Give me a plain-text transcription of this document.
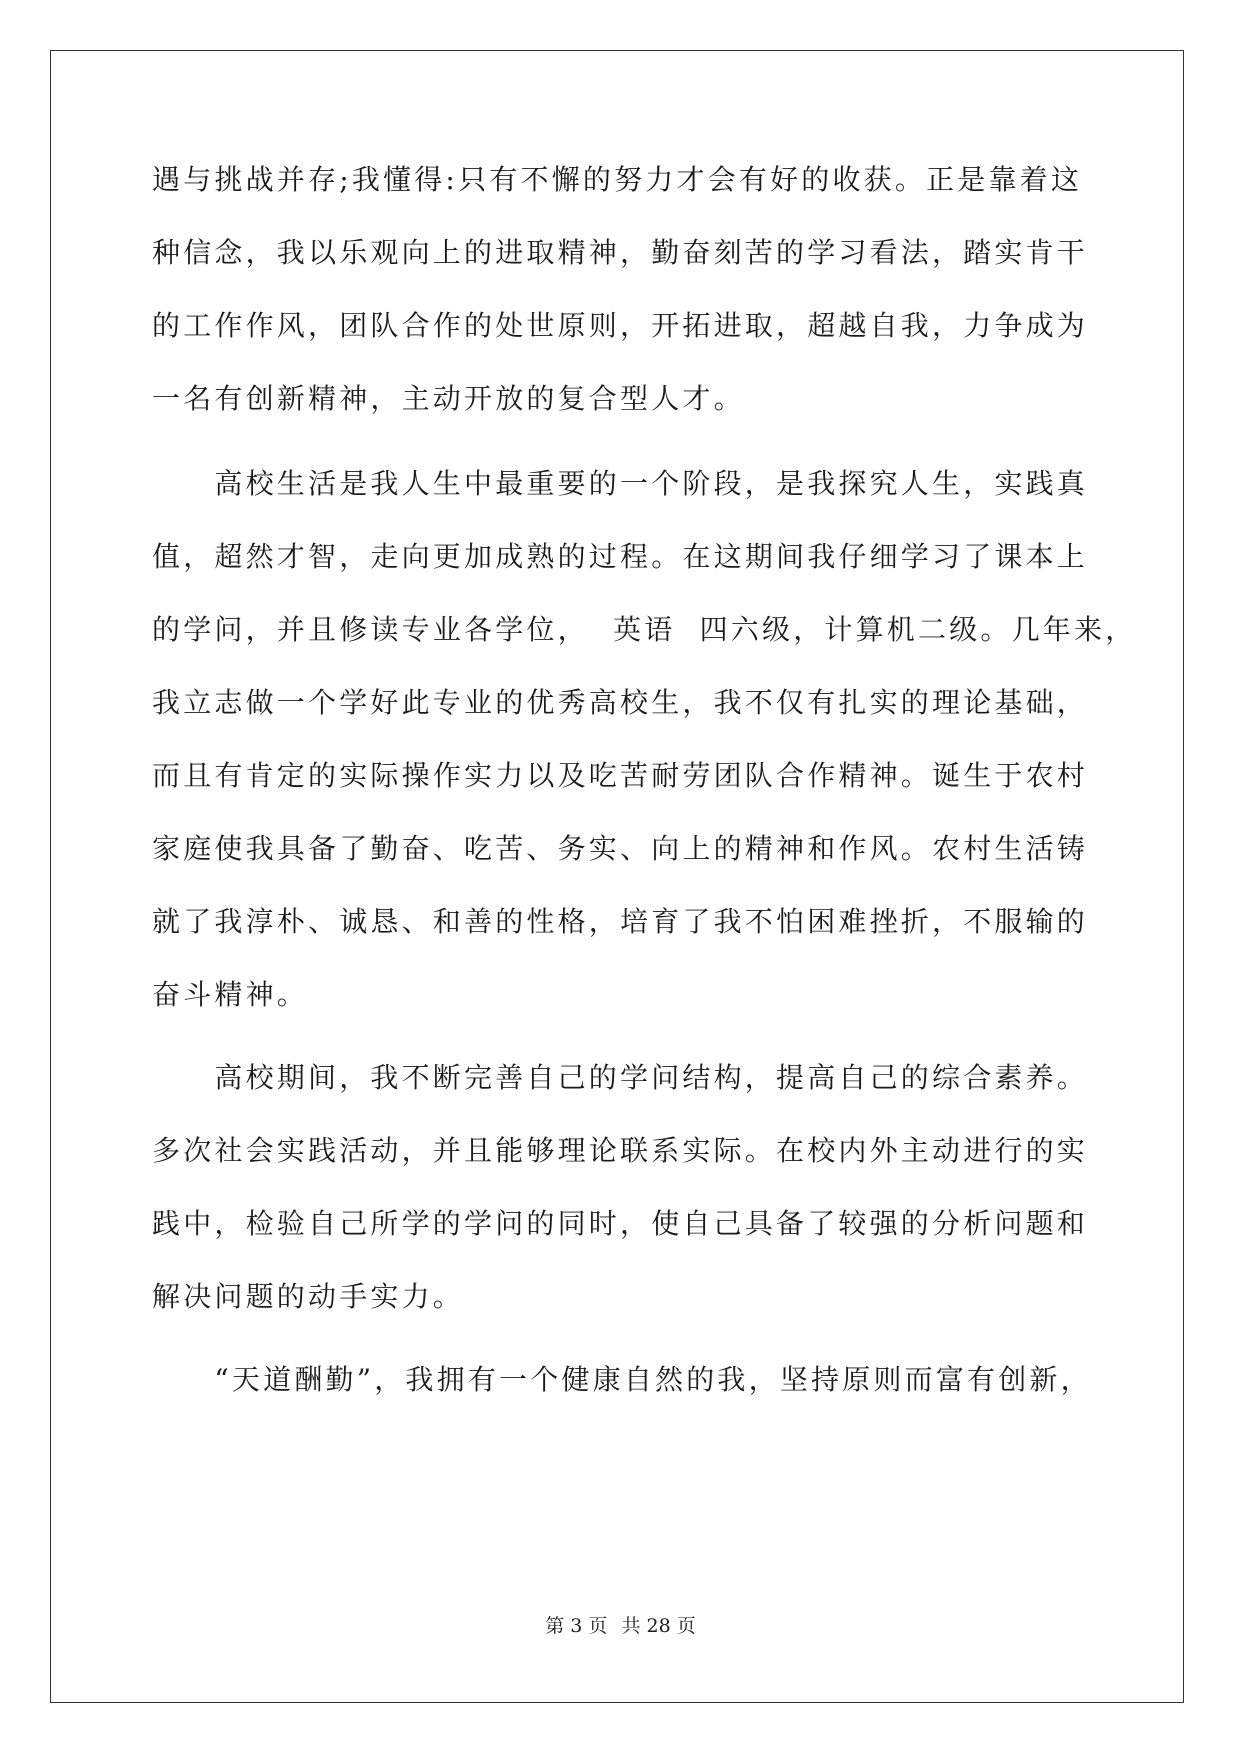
遇与挑战并存;我懂得:只有不懈的努力才会有好的收获。正是靠着这
种信念，我以乐观向上的进取精神，勤奋刻苦的学习看法，踏实肯干
的工作作风，团队合作的处世原则，开拓进取，超越自我，力争成为
一名有创新精神，主动开放的复合型人才。
　　高校生活是我人生中最重要的一个阶段，是我探究人生，实践真
值，超然才智，走向更加成熟的过程。在这期间我仔细学习了课本上
的学问，并且修读专业各学位，  英语  四六级，计算机二级。几年来，
我立志做一个学好此专业的优秀高校生，我不仅有扎实的理论基础，
而且有肯定的实际操作实力以及吃苦耐劳团队合作精神。诞生于农村
家庭使我具备了勤奋、吃苦、务实、向上的精神和作风。农村生活铸
就了我淳朴、诚恳、和善的性格，培育了我不怕困难挫折，不服输的
奋斗精神。
　　高校期间，我不断完善自己的学问结构，提高自己的综合素养。
多次社会实践活动，并且能够理论联系实际。在校内外主动进行的实
践中，检验自己所学的学问的同时，使自己具备了较强的分析问题和
解决问题的动手实力。
　　“天道酬勤”，我拥有一个健康自然的我，坚持原则而富有创新，
第 3 页 共 28 页
